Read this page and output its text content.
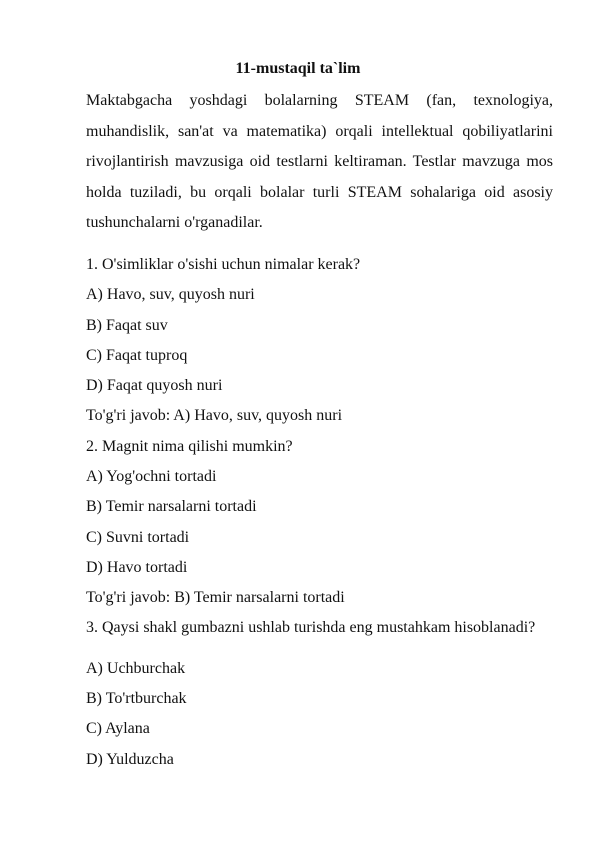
11-mustaqil ta`lim
Maktabgacha yoshdagi bolalarning STEAM (fan, texnologiya, muhandislik, san'at va matematika) orqali intellektual qobiliyatlarini rivojlantirish mavzusiga oid testlarni keltiraman. Testlar mavzuga mos holda tuziladi, bu orqali bolalar turli STEAM sohalariga oid asosiy tushunchalarni o'rganadilar.
1. O'simliklar o'sishi uchun nimalar kerak?
A) Havo, suv, quyosh nuri
B) Faqat suv
C) Faqat tuproq
D) Faqat quyosh nuri
To'g'ri javob: A) Havo, suv, quyosh nuri
2. Magnit nima qilishi mumkin?
A) Yog'ochni tortadi
B) Temir narsalarni tortadi
C) Suvni tortadi
D) Havo tortadi
To'g'ri javob: B) Temir narsalarni tortadi
3. Qaysi shakl gumbazni ushlab turishda eng mustahkam hisoblanadi?
A) Uchburchak
B) To'rtburchak
C) Aylana
D) Yulduzcha
